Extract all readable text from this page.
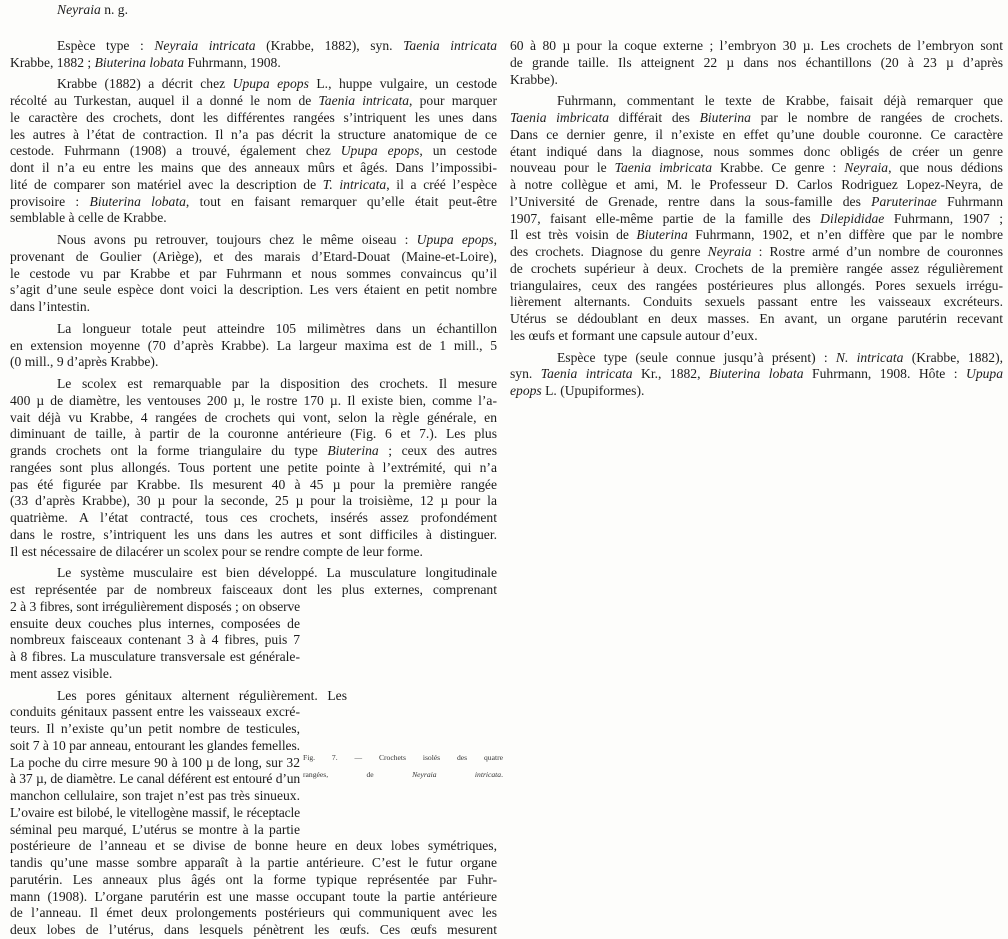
Neyraia n. g.
Espèce type : Neyraia intricata (Krabbe, 1882), syn. Taenia intricata
Krabbe, 1882 ; Biuterina lobata Fuhrmann, 1908.
Krabbe (1882) a décrit chez Upupa epops L., huppe vulgaire, un cestode
récolté au Turkestan, auquel il a donné le nom de Taenia intricata, pour marquer
le caractère des crochets, dont les différentes rangées s’intriquent les unes dans
les autres à l’état de contraction. Il n’a pas décrit la structure anatomique de ce
cestode. Fuhrmann (1908) a trouvé, également chez Upupa epops, un cestode
dont il n’a eu entre les mains que des anneaux mûrs et âgés. Dans l’impossibi-
lité de comparer son matériel avec la description de T. intricata, il a créé l’espèce
provisoire : Biuterina lobata, tout en faisant remarquer qu’elle était peut-être
semblable à celle de Krabbe.
Nous avons pu retrouver, toujours chez le même oiseau : Upupa epops,
provenant de Goulier (Ariège), et des marais d’Etard-Douat (Maine-et-Loire),
le cestode vu par Krabbe et par Fuhrmann et nous sommes convaincus qu’il
s’agit d’une seule espèce dont voici la description. Les vers étaient en petit nombre
dans l’intestin.
La longueur totale peut atteindre 105 milimètres dans un échantillon
en extension moyenne (70 d’après Krabbe). La largeur maxima est de 1 mill., 5
(0 mill., 9 d’après Krabbe).
Le scolex est remarquable par la disposition des crochets. Il mesure
400 µ de diamètre, les ventouses 200 µ, le rostre 170 µ. Il existe bien, comme l’a-
vait déjà vu Krabbe, 4 rangées de crochets qui vont, selon la règle générale, en
diminuant de taille, à partir de la couronne antérieure (Fig. 6 et 7.). Les plus
grands crochets ont la forme triangulaire du type Biuterina ; ceux des autres
rangées sont plus allongés. Tous portent une petite pointe à l’extrémité, qui n’a
pas été figurée par Krabbe. Ils mesurent 40 à 45 µ pour la première rangée
(33 d’après Krabbe), 30 µ pour la seconde, 25 µ pour la troisième, 12 µ pour la
quatrième. A l’état contracté, tous ces crochets, insérés assez profondément
dans le rostre, s’intriquent les uns dans les autres et sont difficiles à distinguer.
Il est nécessaire de dilacérer un scolex pour se rendre compte de leur forme.
Le système musculaire est bien développé. La musculature longitudinale
est représentée par de nombreux faisceaux dont les plus externes, comprenant
2 à 3 fibres, sont irrégulièrement disposés ; on observe
ensuite deux couches plus internes, composées de
nombreux faisceaux contenant 3 à 4 fibres, puis 7
à 8 fibres. La musculature transversale est générale-
ment assez visible.
Les pores génitaux alternent régulièrement. Les
conduits génitaux passent entre les vaisseaux excré-
teurs. Il n’existe qu’un petit nombre de testicules,
soit 7 à 10 par anneau, entourant les glandes femelles.
La poche du cirre mesure 90 à 100 µ de long, sur 32
à 37 µ, de diamètre. Le canal déférent est entouré d’un
manchon cellulaire, son trajet n’est pas très sinueux.
L’ovaire est bilobé, le vitellogène massif, le réceptacle
séminal peu marqué, L’utérus se montre à la partie
postérieure de l’anneau et se divise de bonne heure en deux lobes symétriques,
tandis qu’une masse sombre apparaît à la partie antérieure. C’est le futur organe
parutérin. Les anneaux plus âgés ont la forme typique représentée par Fuhr-
mann (1908). L’organe parutérin est une masse occupant toute la partie antérieure
de l’anneau. Il émet deux prolongements postérieurs qui communiquent avec les
deux lobes de l’utérus, dans lesquels pénètrent les œufs. Ces œufs mesurent
60 à 80 µ pour la coque externe ; l’embryon 30 µ. Les crochets de l’embryon sont
de grande taille. Ils atteignent 22 µ dans nos échantillons (20 à 23 µ d’après
Krabbe).
Fuhrmann, commentant le texte de Krabbe, faisait déjà remarquer que
Taenia imbricata différait des Biuterina par le nombre de rangées de crochets.
Dans ce dernier genre, il n’existe en effet qu’une double couronne. Ce caractère
étant indiqué dans la diagnose, nous sommes donc obligés de créer un genre
nouveau pour le Taenia imbricata Krabbe. Ce genre : Neyraia, que nous dédions
à notre collègue et ami, M. le Professeur D. Carlos Rodriguez Lopez-Neyra, de
l’Université de Grenade, rentre dans la sous-famille des Paruterinae Fuhrmann
1907, faisant elle-même partie de la famille des Dilepididae Fuhrmann, 1907 ;
Il est très voisin de Biuterina Fuhrmann, 1902, et n’en diffère que par le nombre
des crochets. Diagnose du genre Neyraia : Rostre armé d’un nombre de couronnes
de crochets supérieur à deux. Crochets de la première rangée assez régulièrement
triangulaires, ceux des rangées postérieures plus allongés. Pores sexuels irrégu-
lièrement alternants. Conduits sexuels passant entre les vaisseaux excréteurs.
Utérus se dédoublant en deux masses. En avant, un organe parutérin recevant
les œufs et formant une capsule autour d’eux.
Espèce type (seule connue jusqu’à présent) : N. intricata (Krabbe, 1882),
syn. Taenia intricata Kr., 1882, Biuterina lobata Fuhrmann, 1908. Hôte : Upupa
epops L. (Upupiformes).
Fig. 7. — Crochets isolés des quatre
rangées, de Neyraia intricata.
